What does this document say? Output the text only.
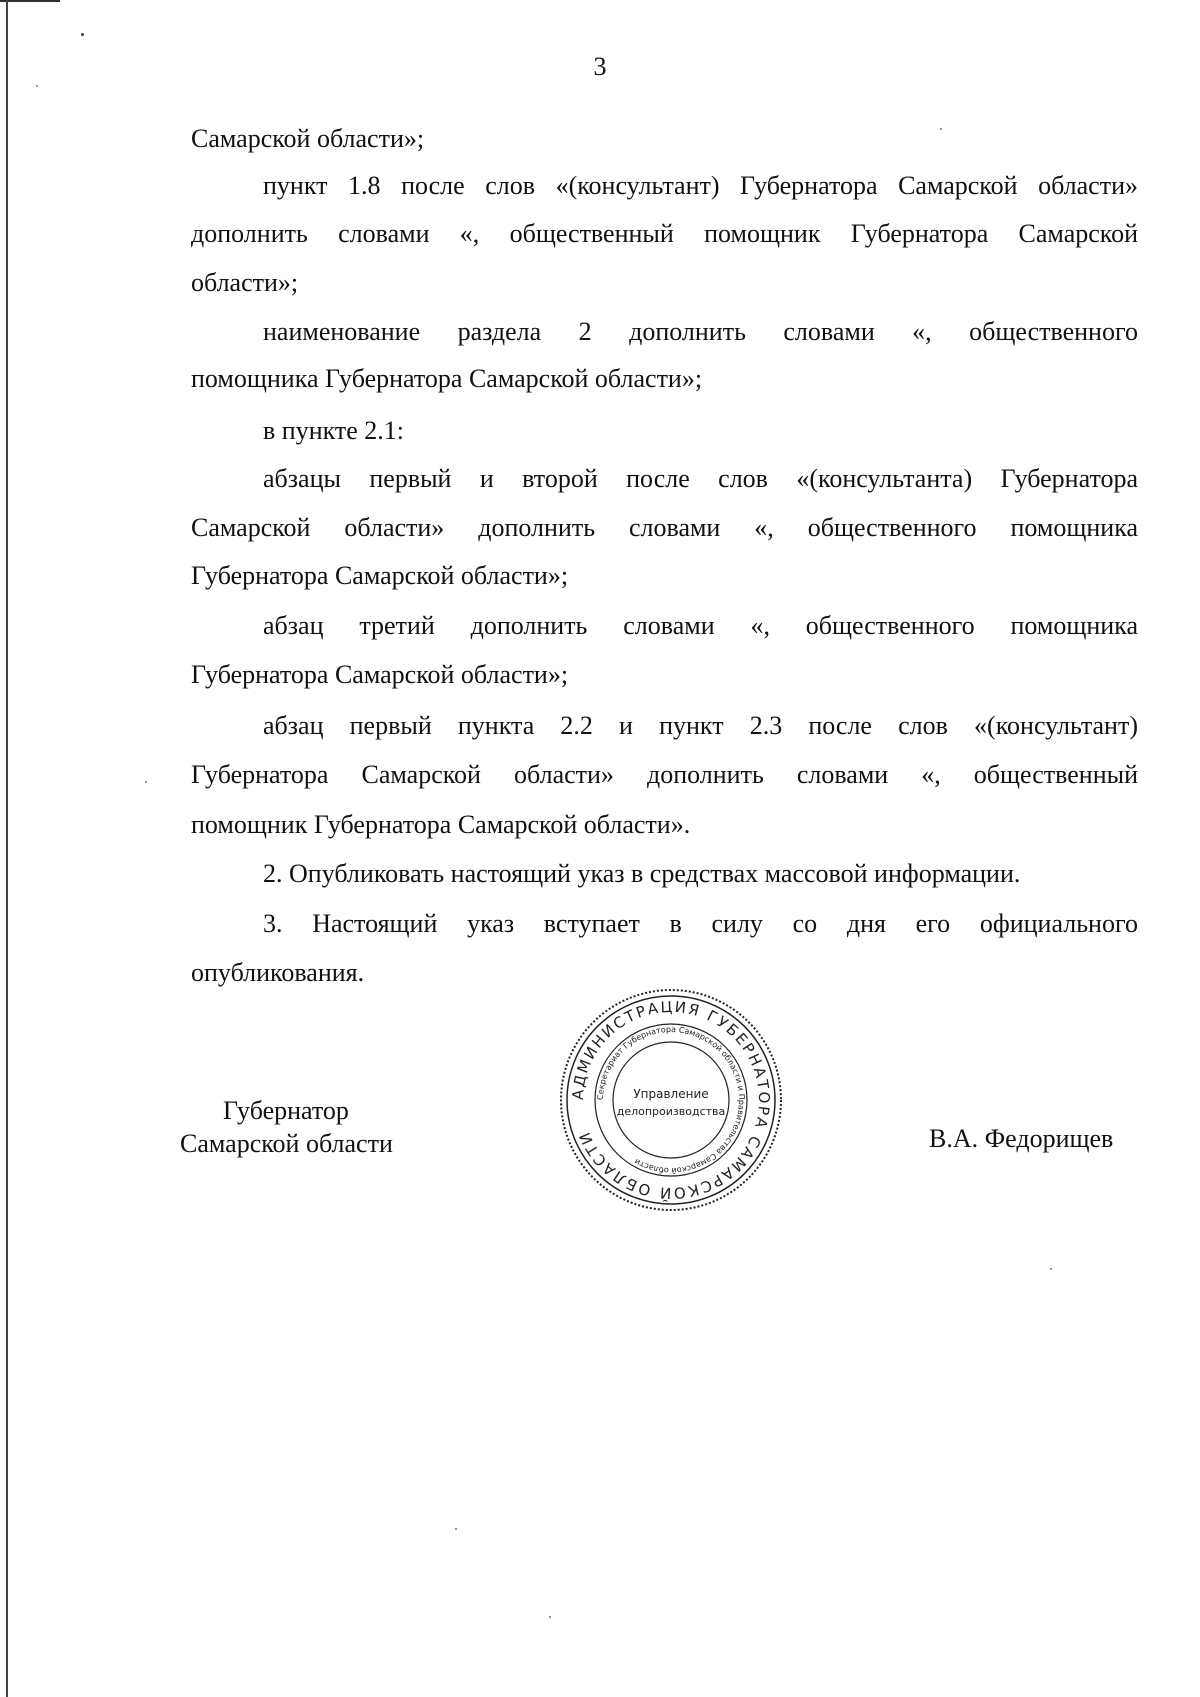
3
Самарской области»;
пункт 1.8 после слов «(консультант) Губернатора Самарской области»
дополнить словами «, общественный помощник Губернатора Самарской
области»;
наименование раздела 2 дополнить словами «, общественного
помощника Губернатора Самарской области»;
в пункте 2.1:
абзацы первый и второй после слов «(консультанта) Губернатора
Самарской области» дополнить словами «, общественного помощника
Губернатора Самарской области»;
абзац третий дополнить словами «, общественного помощника
Губернатора Самарской области»;
абзац первый пункта 2.2 и пункт 2.3 после слов «(консультант)
Губернатора Самарской области» дополнить словами «, общественный
помощник Губернатора Самарской области».
2. Опубликовать настоящий указ в средствах массовой информации.
3. Настоящий указ вступает в силу со дня его официального
опубликования.
Губернатор
Самарской области	В.А. Федорищев
АДМИНИСТРАЦИЯ ГУБЕРНАТОРА САМАРСКОЙ ОБЛАСТИ
Секретариат Губернатора Самарской области и Правительства Самарской области
Управление
делопроизводства
